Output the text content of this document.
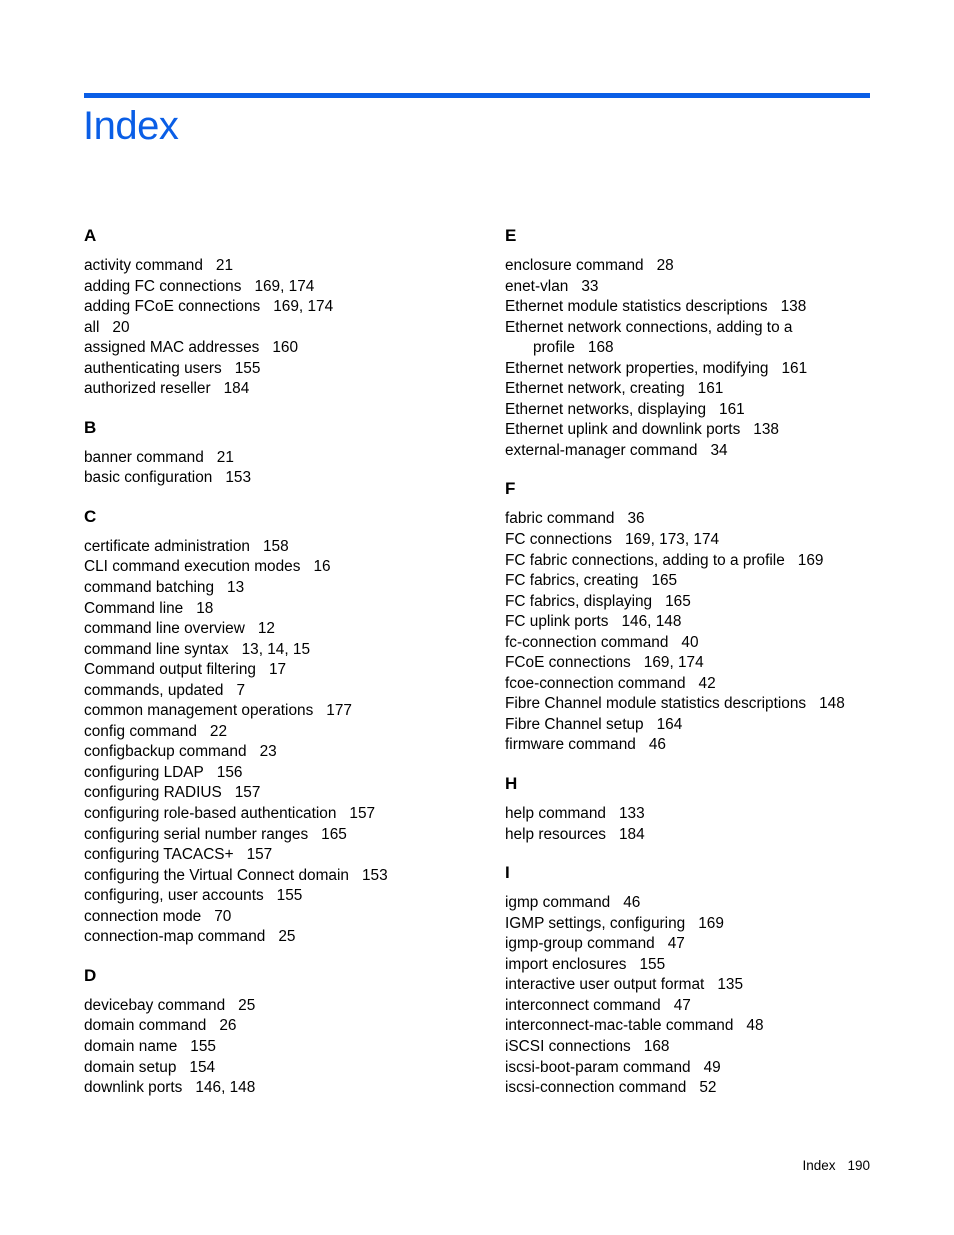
Index
A
activity command 21
adding FC connections 169, 174
adding FCoE connections 169, 174
all 20
assigned MAC addresses 160
authenticating users 155
authorized reseller 184
B
banner command 21
basic configuration 153
C
certificate administration 158
CLI command execution modes 16
command batching 13
Command line 18
command line overview 12
command line syntax 13, 14, 15
Command output filtering 17
commands, updated 7
common management operations 177
config command 22
configbackup command 23
configuring LDAP 156
configuring RADIUS 157
configuring role-based authentication 157
configuring serial number ranges 165
configuring TACACS+ 157
configuring the Virtual Connect domain 153
configuring, user accounts 155
connection mode 70
connection-map command 25
D
devicebay command 25
domain command 26
domain name 155
domain setup 154
downlink ports 146, 148
E
enclosure command 28
enet-vlan 33
Ethernet module statistics descriptions 138
Ethernet network connections, adding to a profile 168
Ethernet network properties, modifying 161
Ethernet network, creating 161
Ethernet networks, displaying 161
Ethernet uplink and downlink ports 138
external-manager command 34
F
fabric command 36
FC connections 169, 173, 174
FC fabric connections, adding to a profile 169
FC fabrics, creating 165
FC fabrics, displaying 165
FC uplink ports 146, 148
fc-connection command 40
FCoE connections 169, 174
fcoe-connection command 42
Fibre Channel module statistics descriptions 148
Fibre Channel setup 164
firmware command 46
H
help command 133
help resources 184
I
igmp command 46
IGMP settings, configuring 169
igmp-group command 47
import enclosures 155
interactive user output format 135
interconnect command 47
interconnect-mac-table command 48
iSCSI connections 168
iscsi-boot-param command 49
iscsi-connection command 52
Index 190
